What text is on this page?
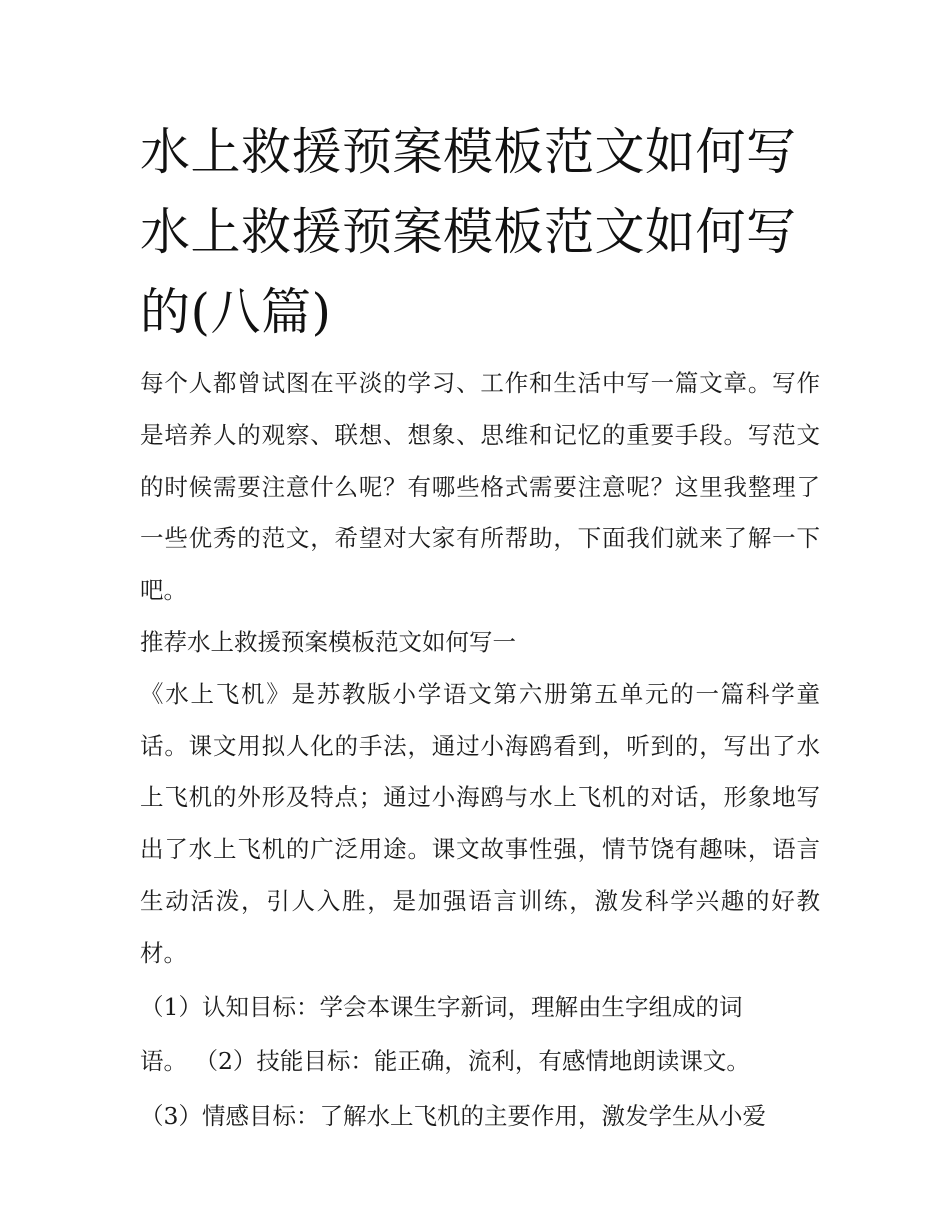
水上救援预案模板范文如何写
水上救援预案模板范文如何写
的(八篇)

每个人都曾试图在平淡的学习、工作和生活中写一篇文章。写作是培养人的观察、联想、想象、思维和记忆的重要手段。写范文的时候需要注意什么呢？有哪些格式需要注意呢？这里我整理了一些优秀的范文，希望对大家有所帮助，下面我们就来了解一下吧。

推荐水上救援预案模板范文如何写一

《水上飞机》是苏教版小学语文第六册第五单元的一篇科学童话。课文用拟人化的手法，通过小海鸥看到，听到的，写出了水上飞机的外形及特点；通过小海鸥与水上飞机的对话，形象地写出了水上飞机的广泛用途。课文故事性强，情节饶有趣味，语言生动活泼，引人入胜，是加强语言训练，激发科学兴趣的好教材。

（1）认知目标：学会本课生字新词，理解由生字组成的词

语。 （2）技能目标：能正确，流利，有感情地朗读课文。

（3）情感目标：了解水上飞机的主要作用，激发学生从小爱
